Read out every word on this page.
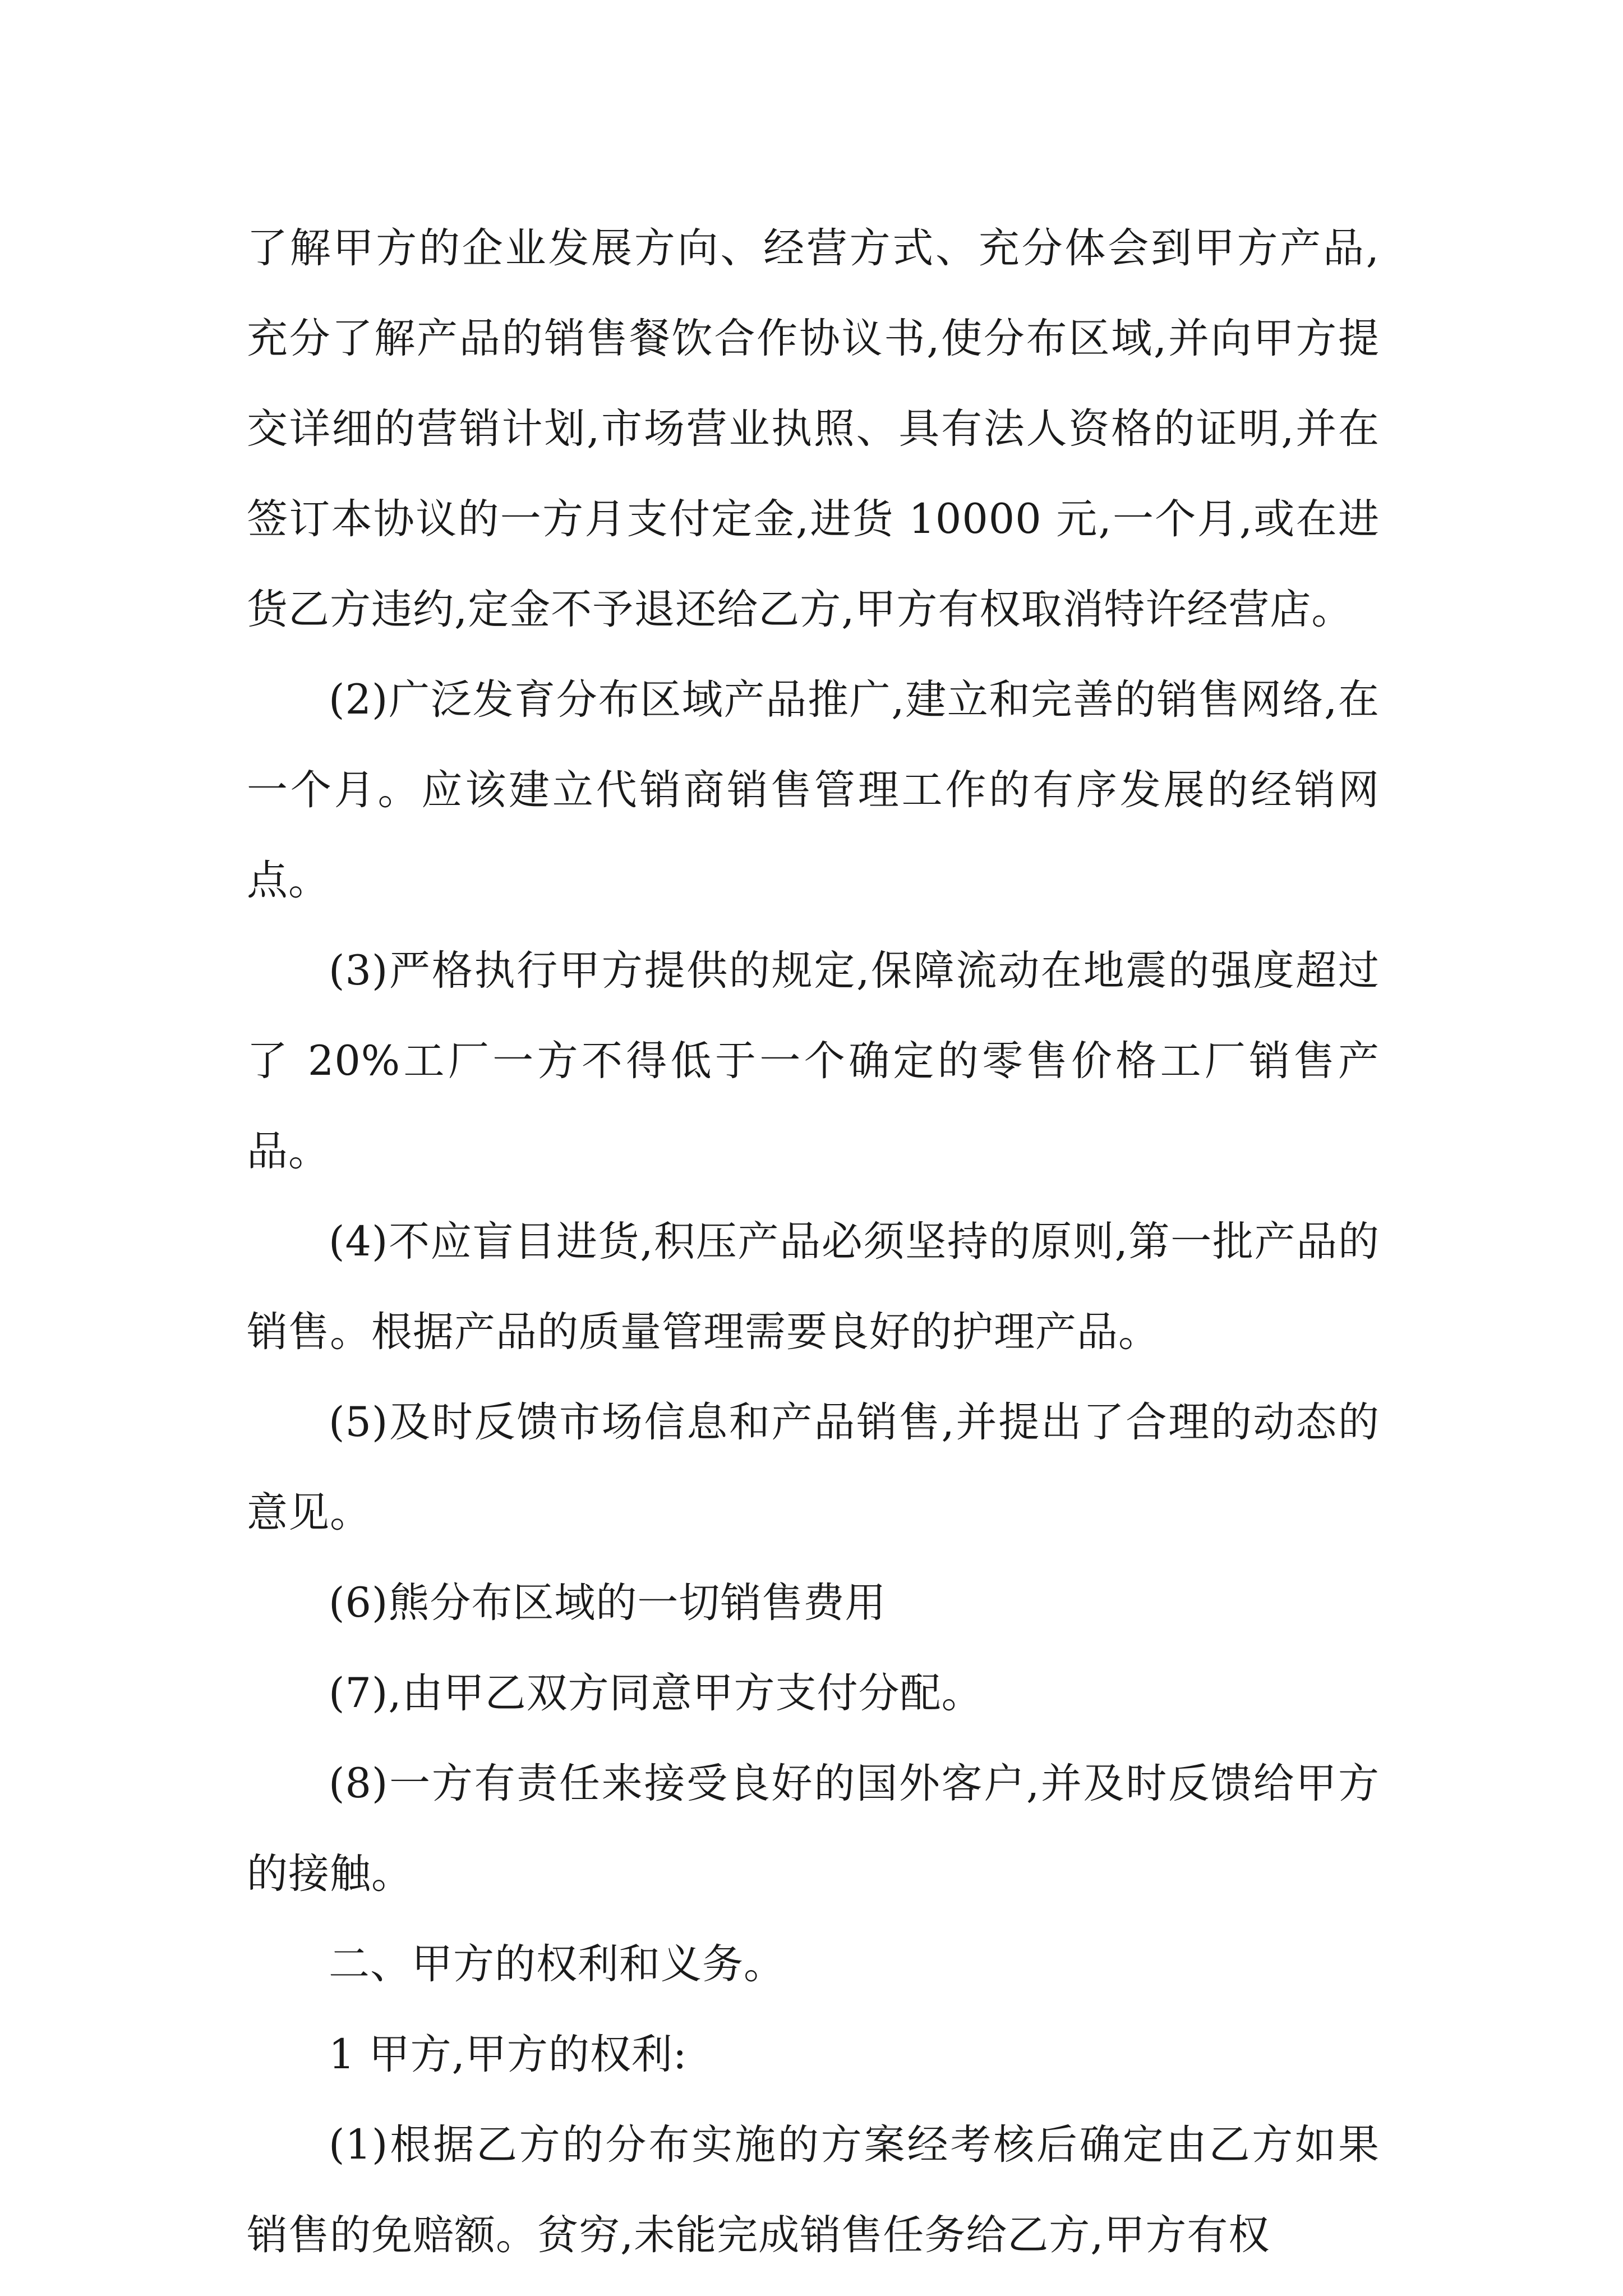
了解甲方的企业发展方向、经营方式、充分体会到甲方产品,充分了解产品的销售餐饮合作协议书,使分布区域,并向甲方提交详细的营销计划,市场营业执照、具有法人资格的证明,并在签订本协议的一方月支付定金,进货 10000 元,一个月,或在进货乙方违约,定金不予退还给乙方,甲方有权取消特许经营店。

(2)广泛发育分布区域产品推广,建立和完善的销售网络,在一个月。应该建立代销商销售管理工作的有序发展的经销网点。

(3)严格执行甲方提供的规定,保障流动在地震的强度超过了 20%工厂一方不得低于一个确定的零售价格工厂销售产品。

(4)不应盲目进货,积压产品必须坚持的原则,第一批产品的销售。根据产品的质量管理需要良好的护理产品。

(5)及时反馈市场信息和产品销售,并提出了合理的动态的意见。

(6)熊分布区域的一切销售费用

(7),由甲乙双方同意甲方支付分配。

(8)一方有责任来接受良好的国外客户,并及时反馈给甲方的接触。

二、甲方的权利和义务。

1 甲方,甲方的权利:

(1)根据乙方的分布实施的方案经考核后确定由乙方如果销售的免赔额。贫穷,未能完成销售任务给乙方,甲方有权
